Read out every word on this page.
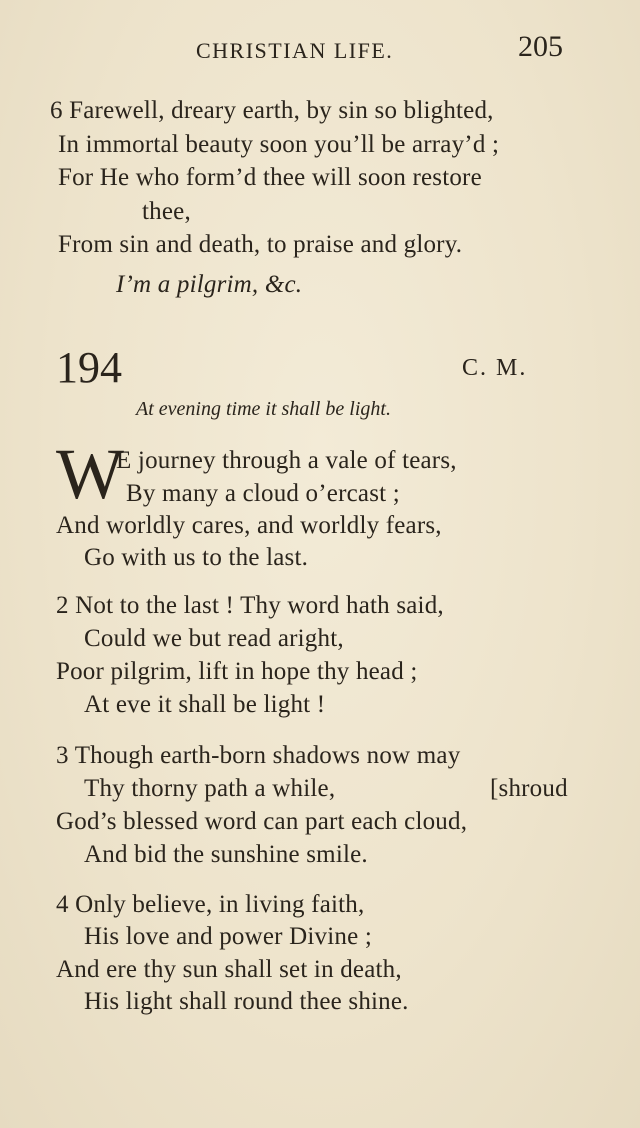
CHRISTIAN LIFE.	205
6 Farewell, dreary earth, by sin so blighted,
In immortal beauty soon you’ll be array’d ;
For He who form’d thee will soon restore
thee,
From sin and death, to praise and glory.
I’m a pilgrim, &c.
194	C. M.
At evening time it shall be light.
W
E journey through a vale of tears,
By many a cloud o’ercast ;
And worldly cares, and worldly fears,
Go with us to the last.
2 Not to the last ! Thy word hath said,
Could we but read aright,
Poor pilgrim, lift in hope thy head ;
At eve it shall be light !
3 Though earth-born shadows now may
Thy thorny path a while,	[shroud
God’s blessed word can part each cloud,
And bid the sunshine smile.
4 Only believe, in living faith,
His love and power Divine ;
And ere thy sun shall set in death,
His light shall round thee shine.
